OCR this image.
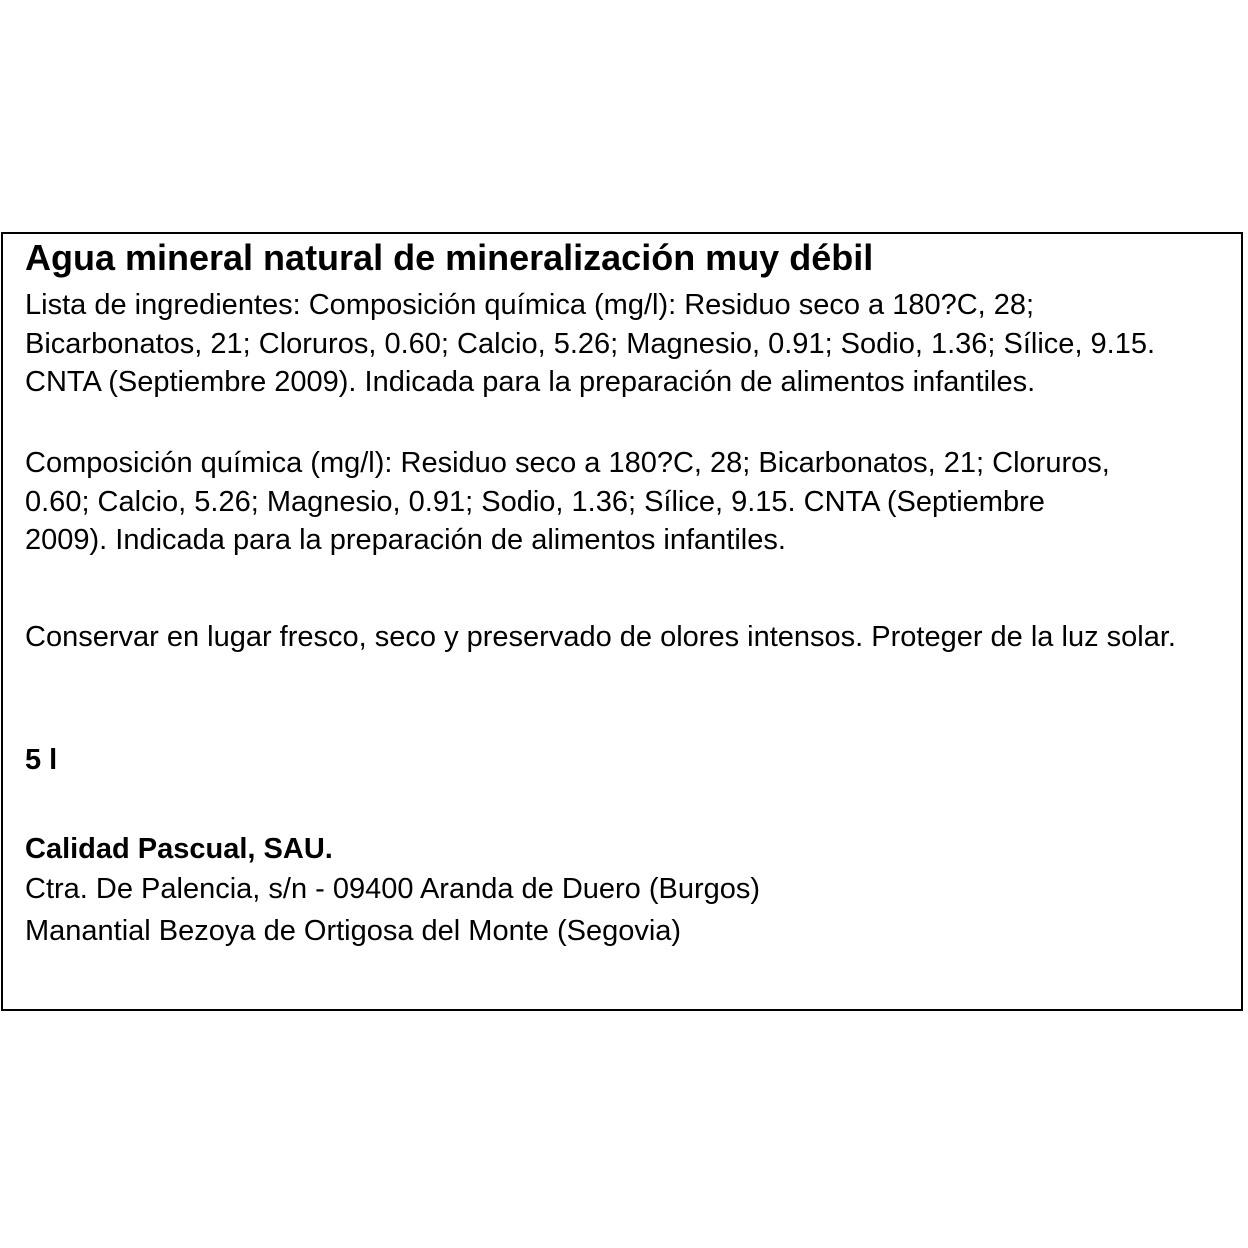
Agua mineral natural de mineralización muy débil

Lista de ingredientes: Composición química (mg/l): Residuo seco a 180?C, 28; Bicarbonatos, 21; Cloruros, 0.60; Calcio, 5.26; Magnesio, 0.91; Sodio, 1.36; Sílice, 9.15. CNTA (Septiembre 2009). Indicada para la preparación de alimentos infantiles.

Composición química (mg/l): Residuo seco a 180?C, 28; Bicarbonatos, 21; Cloruros, 0.60; Calcio, 5.26; Magnesio, 0.91; Sodio, 1.36; Sílice, 9.15. CNTA (Septiembre 2009). Indicada para la preparación de alimentos infantiles.

Conservar en lugar fresco, seco y preservado de olores intensos. Proteger de la luz solar.

5 l

Calidad Pascual, SAU.

Ctra. De Palencia, s/n - 09400 Aranda de Duero (Burgos)

Manantial Bezoya de Ortigosa del Monte (Segovia)
